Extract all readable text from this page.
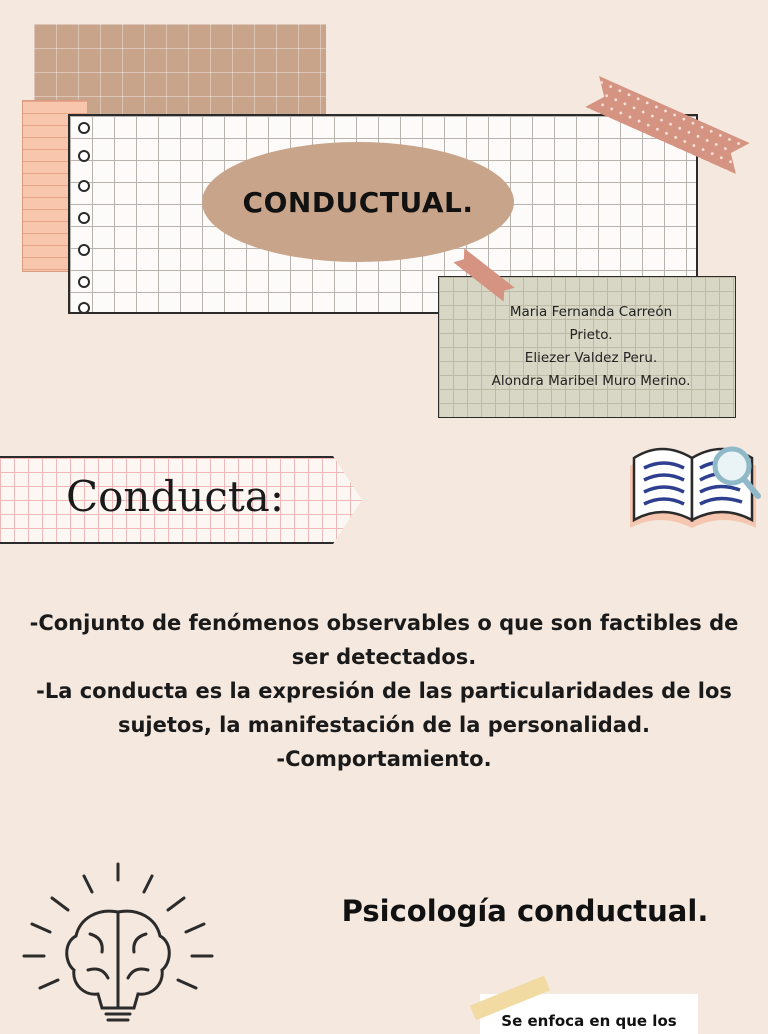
CONDUCTUAL.
Maria Fernanda Carreón
Prieto.
Eliezer Valdez Peru.
Alondra Maribel Muro Merino.
Conducta:
-Conjunto de fenómenos observables o que son factibles de
ser detectados.
-La conducta es la expresión de las particularidades de los
sujetos, la manifestación de la personalidad.
-Comportamiento.
Psicología conductual.
Se enfoca en que los
